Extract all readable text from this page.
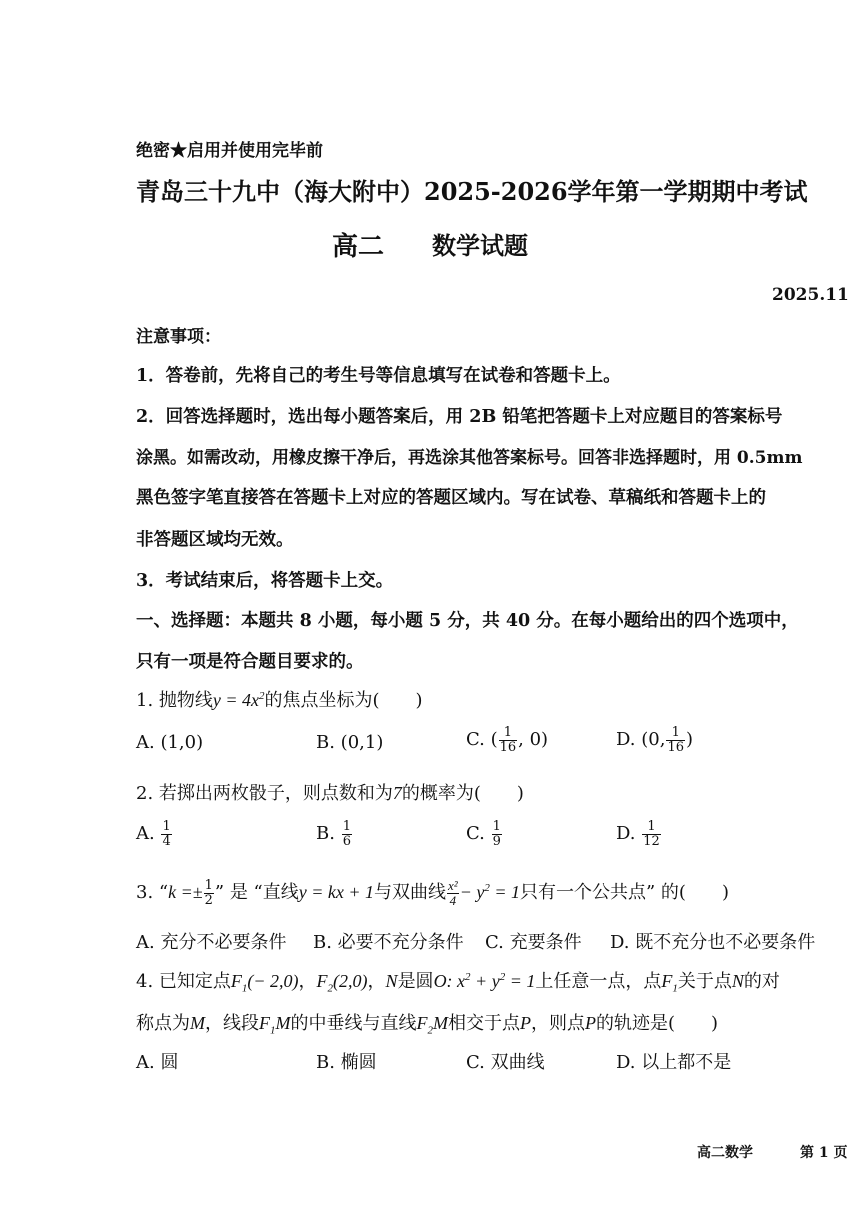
绝密★启用并使用完毕前
青岛三十九中（海大附中）2025-2026学年第一学期期中考试
高二 数学试题
2025.11
注意事项：
1．答卷前，先将自己的考生号等信息填写在试卷和答题卡上。
2．回答选择题时，选出每小题答案后，用 2B 铅笔把答题卡上对应题目的答案标号
涂黑。如需改动，用橡皮擦干净后，再选涂其他答案标号。回答非选择题时，用 0.5mm
黑色签字笔直接答在答题卡上对应的答题区域内。写在试卷、草稿纸和答题卡上的
非答题区域均无效。
3．考试结束后，将答题卡上交。
一、选择题：本题共 8 小题，每小题 5 分，共 40 分。在每小题给出的四个选项中，
只有一项是符合题目要求的。
1. 抛物线$y = 4x^2$的焦点坐标为(　　)
A. (1,0)	B. (0,1)	C. ( $\frac{1}{16}$ , 0)	D. (0, $\frac{1}{16}$ )
2. 若掷出两枚骰子，则点数和为7的概率为(　　)
A. $\frac{1}{4}$	B. $\frac{1}{6}$	C. $\frac{1}{9}$	D. $\frac{1}{12}$
3. “$k =\pm \frac{1}{2}$ ” 是 “直线y = kx + 1与双曲线 $\frac{\text{x²}}{4} - y^2 = 1$只有一个公共点” 的(　　)
A. 充分不必要条件 B. 必要不充分条件 C. 充要条件 D. 既不充分也不必要条件
4. 已知定点$F_1(- 2,0)$，$F_2(2,0)$，N是圆O: $x^2 + y^2 = 1$上任意一点，点$F_1$关于点N的对
称点为M，线段$F_1M$的中垂线与直线$F_2M$相交于点P，则点P的轨迹是(　　)
A. 圆	B. 椭圆	C. 双曲线	D. 以上都不是
高二数学	第 1 页
